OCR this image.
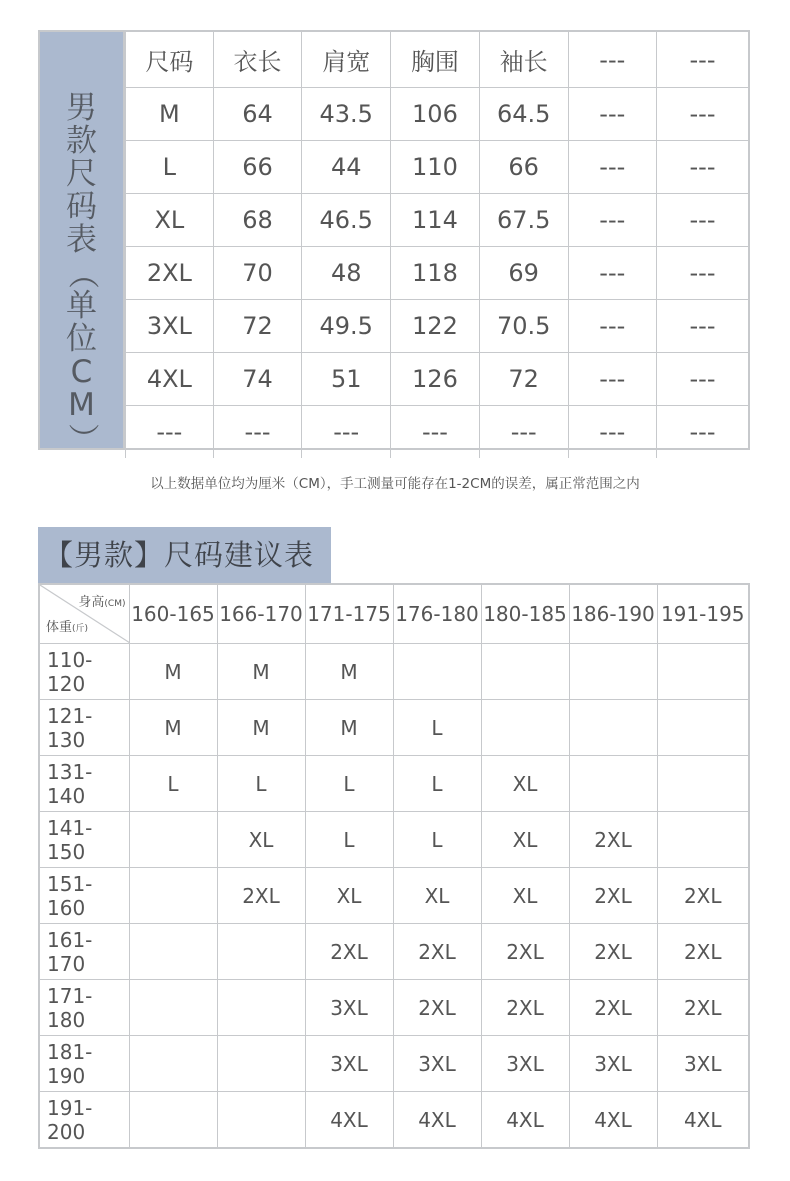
男
款
尺
码
表
（
单
位
C
M
）
尺码	衣长	肩宽	胸围	袖长	---	---
M	64	43.5	106	64.5	---	---
L	66	44	110	66	---	---
XL	68	46.5	114	67.5	---	---
2XL	70	48	118	69	---	---
3XL	72	49.5	122	70.5	---	---
4XL	74	51	126	72	---	---
---	---	---	---	---	---	---
以上数据单位均为厘米（CM），手工测量可能存在1-2CM的误差，属正常范围之内
【男款】尺码建议表
身高(CM)
体重(斤)	160-165	166-170	171-175	176-180	180-185	186-190	191-195
110-120	M	M	M				
121-130	M	M	M	L			
131-140	L	L	L	L	XL		
141-150		XL	L	L	XL	2XL	
151-160		2XL	XL	XL	XL	2XL	2XL
161-170			2XL	2XL	2XL	2XL	2XL
171-180			3XL	2XL	2XL	2XL	2XL
181-190			3XL	3XL	3XL	3XL	3XL
191-200			4XL	4XL	4XL	4XL	4XL
